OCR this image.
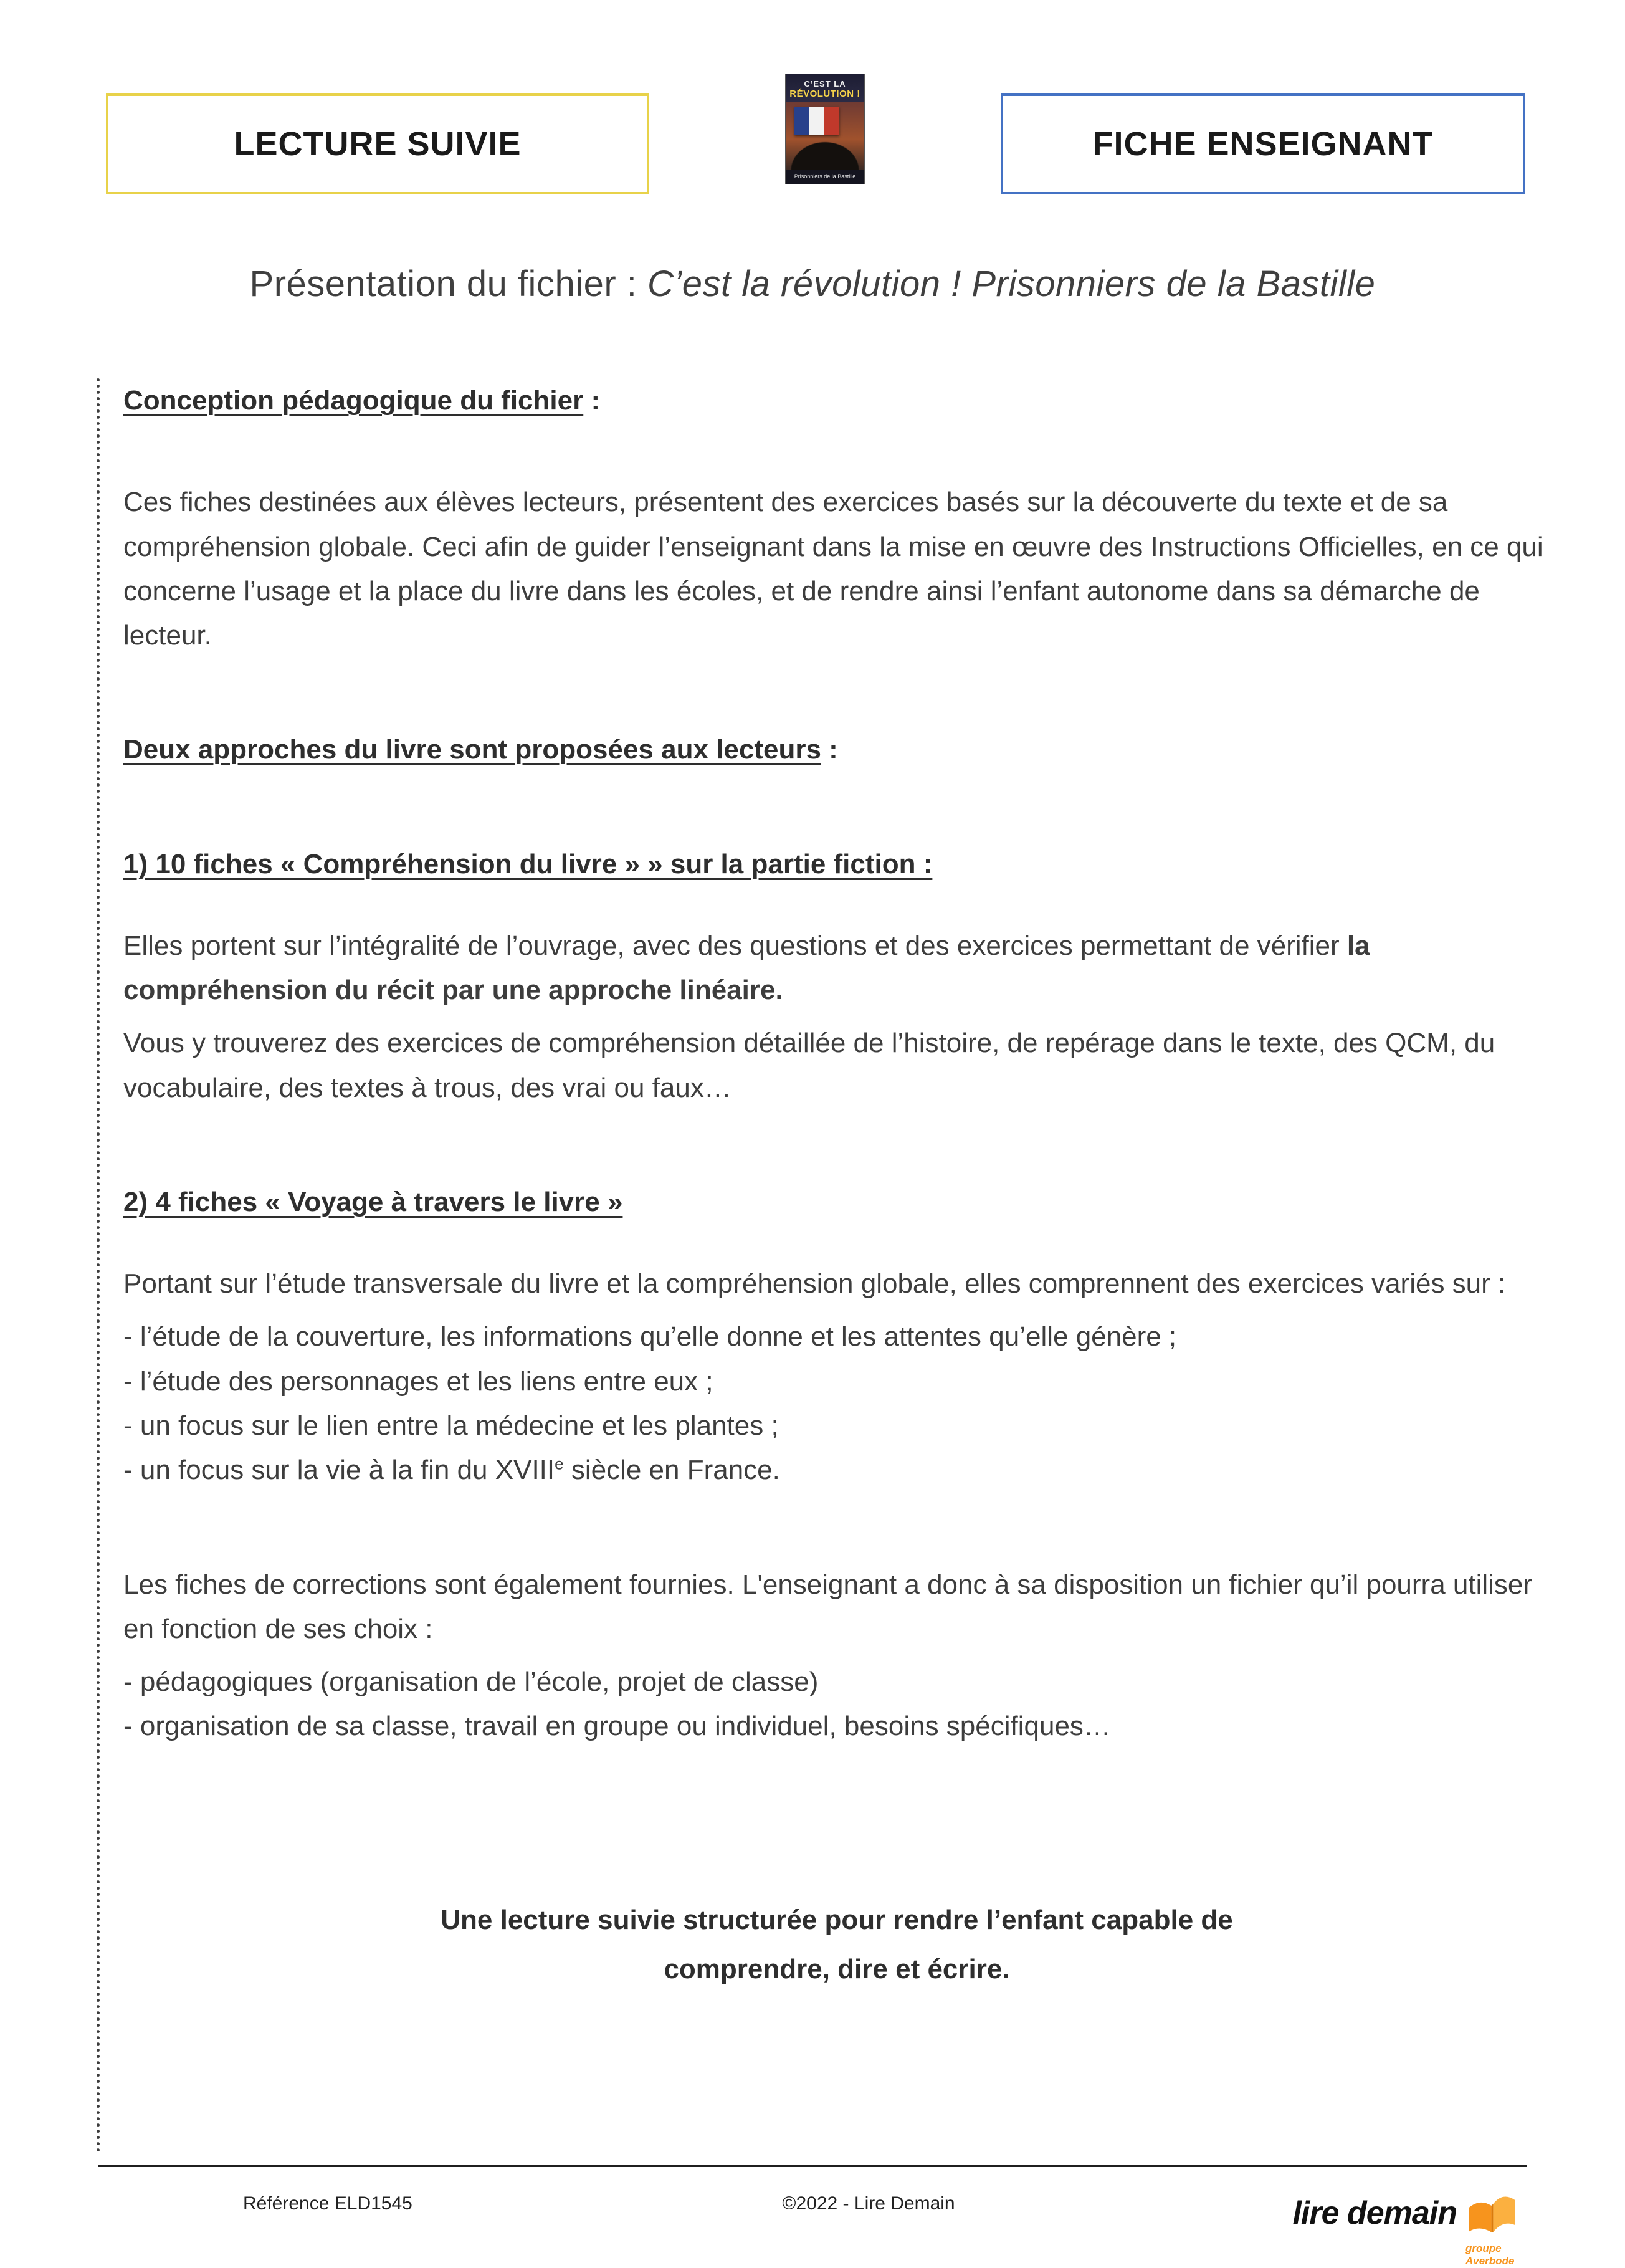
LECTURE SUIVIE
C’EST LA
RÉVOLUTION !
Prisonniers de la Bastille
FICHE ENSEIGNANT
Présentation du fichier : C’est la révolution ! Prisonniers de la Bastille

Conception pédagogique du fichier :

Ces fiches destinées aux élèves lecteurs, présentent des exercices basés sur la découverte du texte et de sa compréhension globale. Ceci afin de guider l’enseignant dans la mise en œuvre des Instructions Officielles, en ce qui concerne l’usage et la place du livre dans les écoles, et de rendre ainsi l’enfant autonome dans sa démarche de lecteur.

Deux approches du livre sont proposées aux lecteurs :

1) 10 fiches « Compréhension du livre » » sur la partie fiction :

Elles portent sur l’intégralité de l’ouvrage, avec des questions et des exercices permettant de vérifier la compréhension du récit par une approche linéaire.

Vous y trouverez des exercices de compréhension détaillée de l’histoire, de repérage dans le texte, des QCM, du vocabulaire, des textes à trous, des vrai ou faux…

2) 4 fiches « Voyage à travers le livre »

Portant sur l’étude transversale du livre et la compréhension globale, elles comprennent des exercices variés sur :

- l’étude de la couverture, les informations qu’elle donne et les attentes qu’elle génère ;

- l’étude des personnages et les liens entre eux ;

- un focus sur le lien entre la médecine et les plantes ;

- un focus sur la vie à la fin du XVIIIe siècle en France.

Les fiches de corrections sont également fournies. L'enseignant a donc à sa disposition un fichier qu’il pourra utiliser en fonction de ses choix :

- pédagogiques (organisation de l’école, projet de classe)

- organisation de sa classe, travail en groupe ou individuel, besoins spécifiques…

Une lecture suivie structurée pour rendre l’enfant capable de
comprendre, dire et écrire.
Référence ELD1545	©2022 - Lire Demain	lire demain
groupe Averbode
